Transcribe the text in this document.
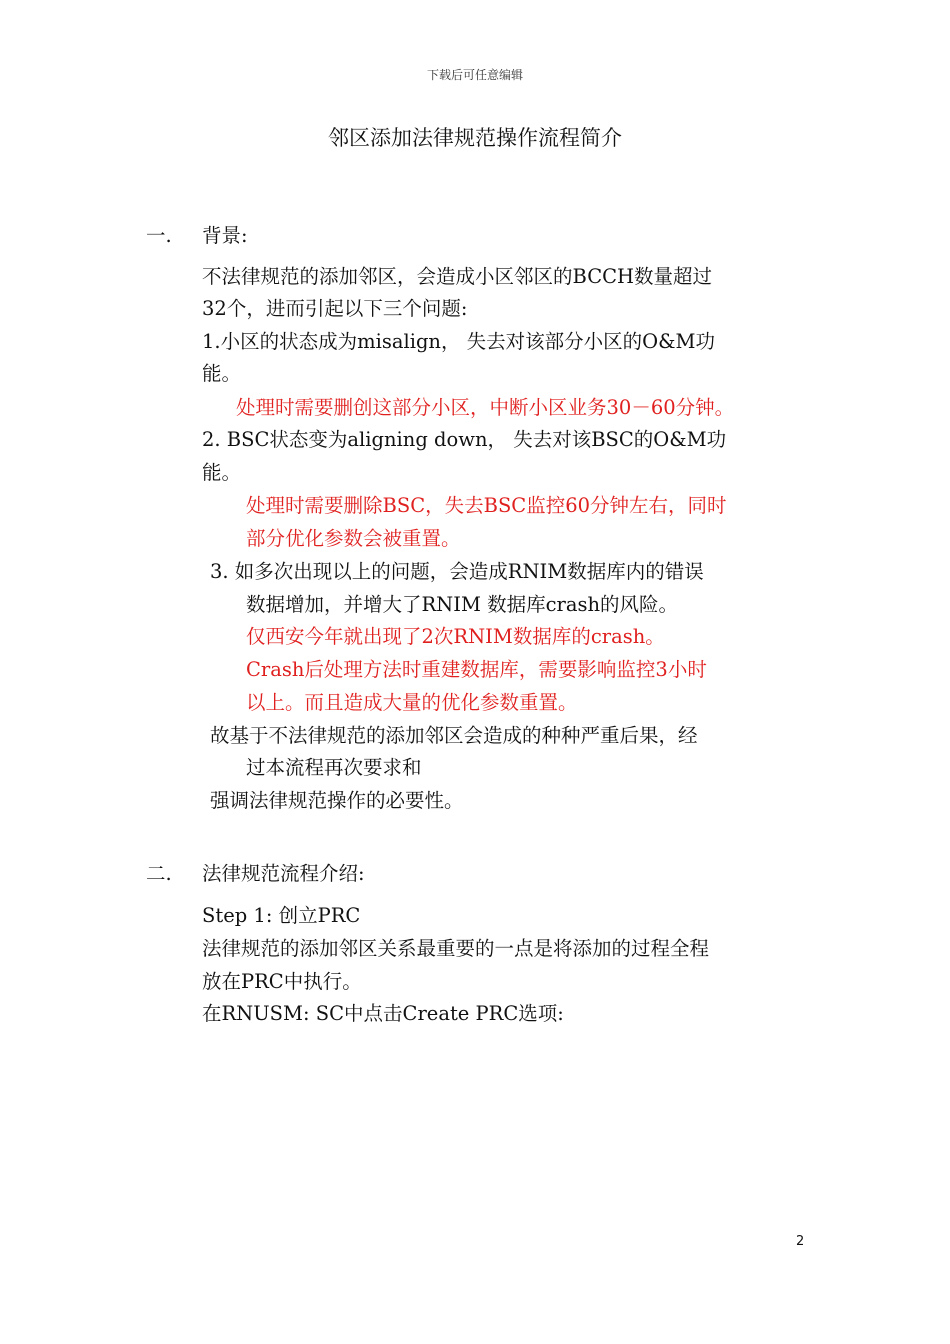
下载后可任意编辑
邻区添加法律规范操作流程简介
一. 背景:
不法律规范的添加邻区，会造成小区邻区的BCCH数量超过
32个，进而引起以下三个问题:
1.小区的状态成为misalign， 失去对该部分小区的O&M功
能。
处理时需要删创这部分小区，中断小区业务30－60分钟。
2. BSC状态变为aligning down， 失去对该BSC的O&M功
能。
处理时需要删除BSC，失去BSC监控60分钟左右，同时
部分优化参数会被重置。
3. 如多次出现以上的问题，会造成RNIM数据库内的错误
数据增加，并增大了RNIM 数据库crash的风险。
仅西安今年就出现了2次RNIM数据库的crash。
Crash后处理方法时重建数据库，需要影响监控3小时
以上。而且造成大量的优化参数重置。
故基于不法律规范的添加邻区会造成的种种严重后果，经
过本流程再次要求和
强调法律规范操作的必要性。
二. 法律规范流程介绍:
Step 1: 创立PRC
法律规范的添加邻区关系最重要的一点是将添加的过程全程
放在PRC中执行。
在RNUSM: SC中点击Create PRC选项:
2
